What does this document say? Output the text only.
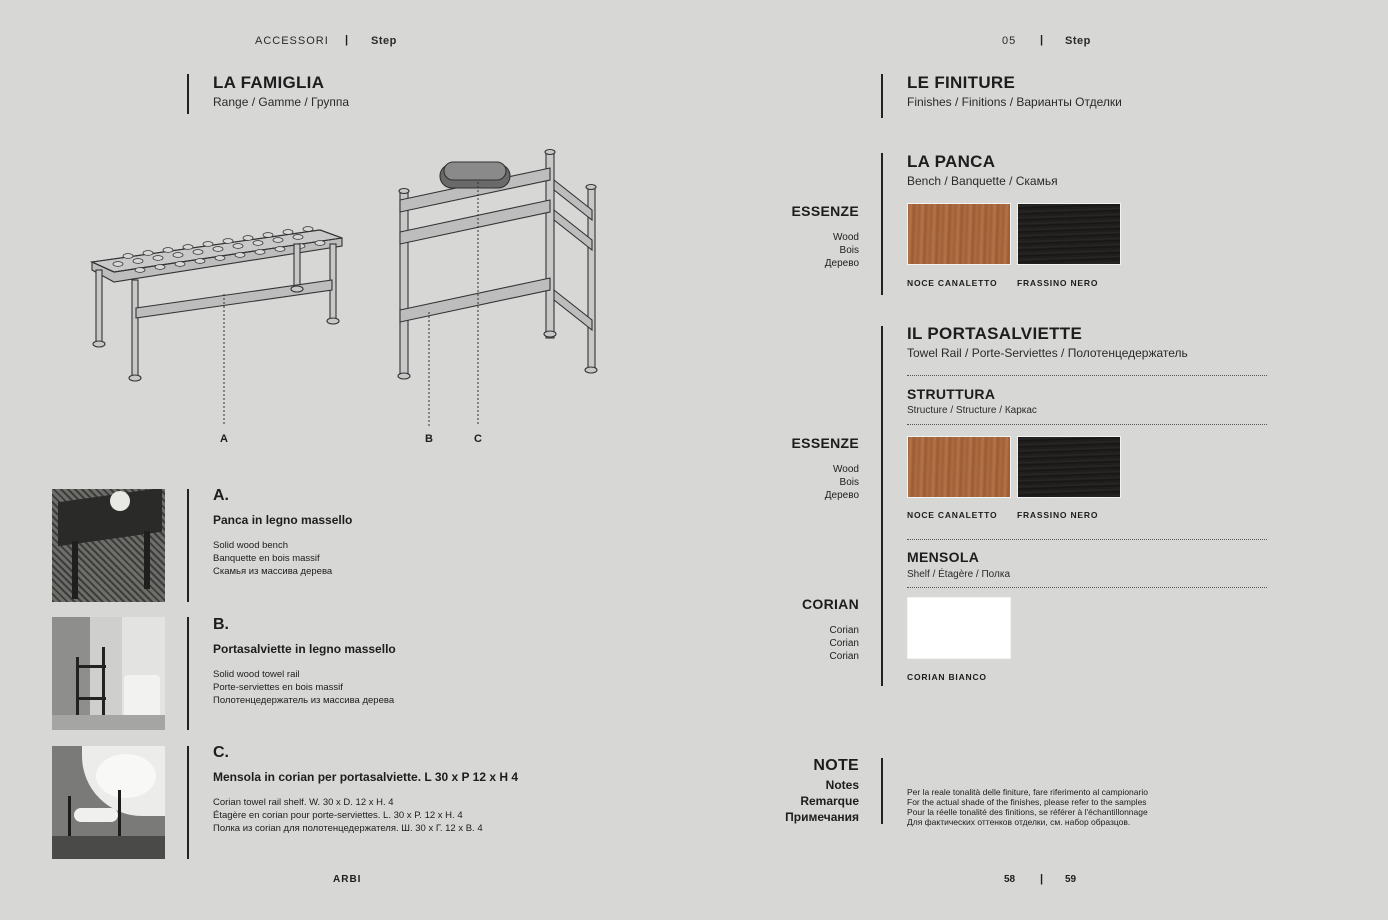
ACCESSORI | Step
LA FAMIGLIA
Range / Gamme / Группа
A	B	C
A.
Panca in legno massello
Solid wood bench
Banquette en bois massif
Скамья из массива дерева
B.
Portasalviette in legno massello
Solid wood towel rail
Porte-serviettes en bois massif
Полотенцедержатель из массива дерева
C.
Mensola in corian per portasalviette. L 30 x P 12 x H 4
Corian towel rail shelf. W. 30 x D. 12 x H. 4
Étagère en corian pour porte-serviettes. L. 30 x P. 12 x H. 4
Полка из corian для полотенцедержателя. Ш. 30 x Г. 12 x В. 4
ARBI
05 | Step
LE FINITURE
Finishes / Finitions / Варианты Отделки
LA PANCA
Bench / Banquette / Скамья
ESSENZE
Wood
Bois
Дерево
NOCE CANALETTO FRASSINO NERO
IL PORTASALVIETTE
Towel Rail / Porte-Serviettes / Полотенцедержатель
STRUTTURA
Structure / Structure / Каркас
ESSENZE
Wood
Bois
Дерево
NOCE CANALETTO FRASSINO NERO
MENSOLA
Shelf / Étagère / Полка
CORIAN
Corian
Corian
Corian
CORIAN BIANCO
NOTE
Notes
Remarque
Примечания
Per la reale tonalità delle finiture, fare riferimento al campionario
For the actual shade of the finishes, please refer to the samples
Pour la réelle tonalité des finitions, se référer à l'échantillonnage
Для фактических оттенков отделки, см. набор образцов.
58 | 59
